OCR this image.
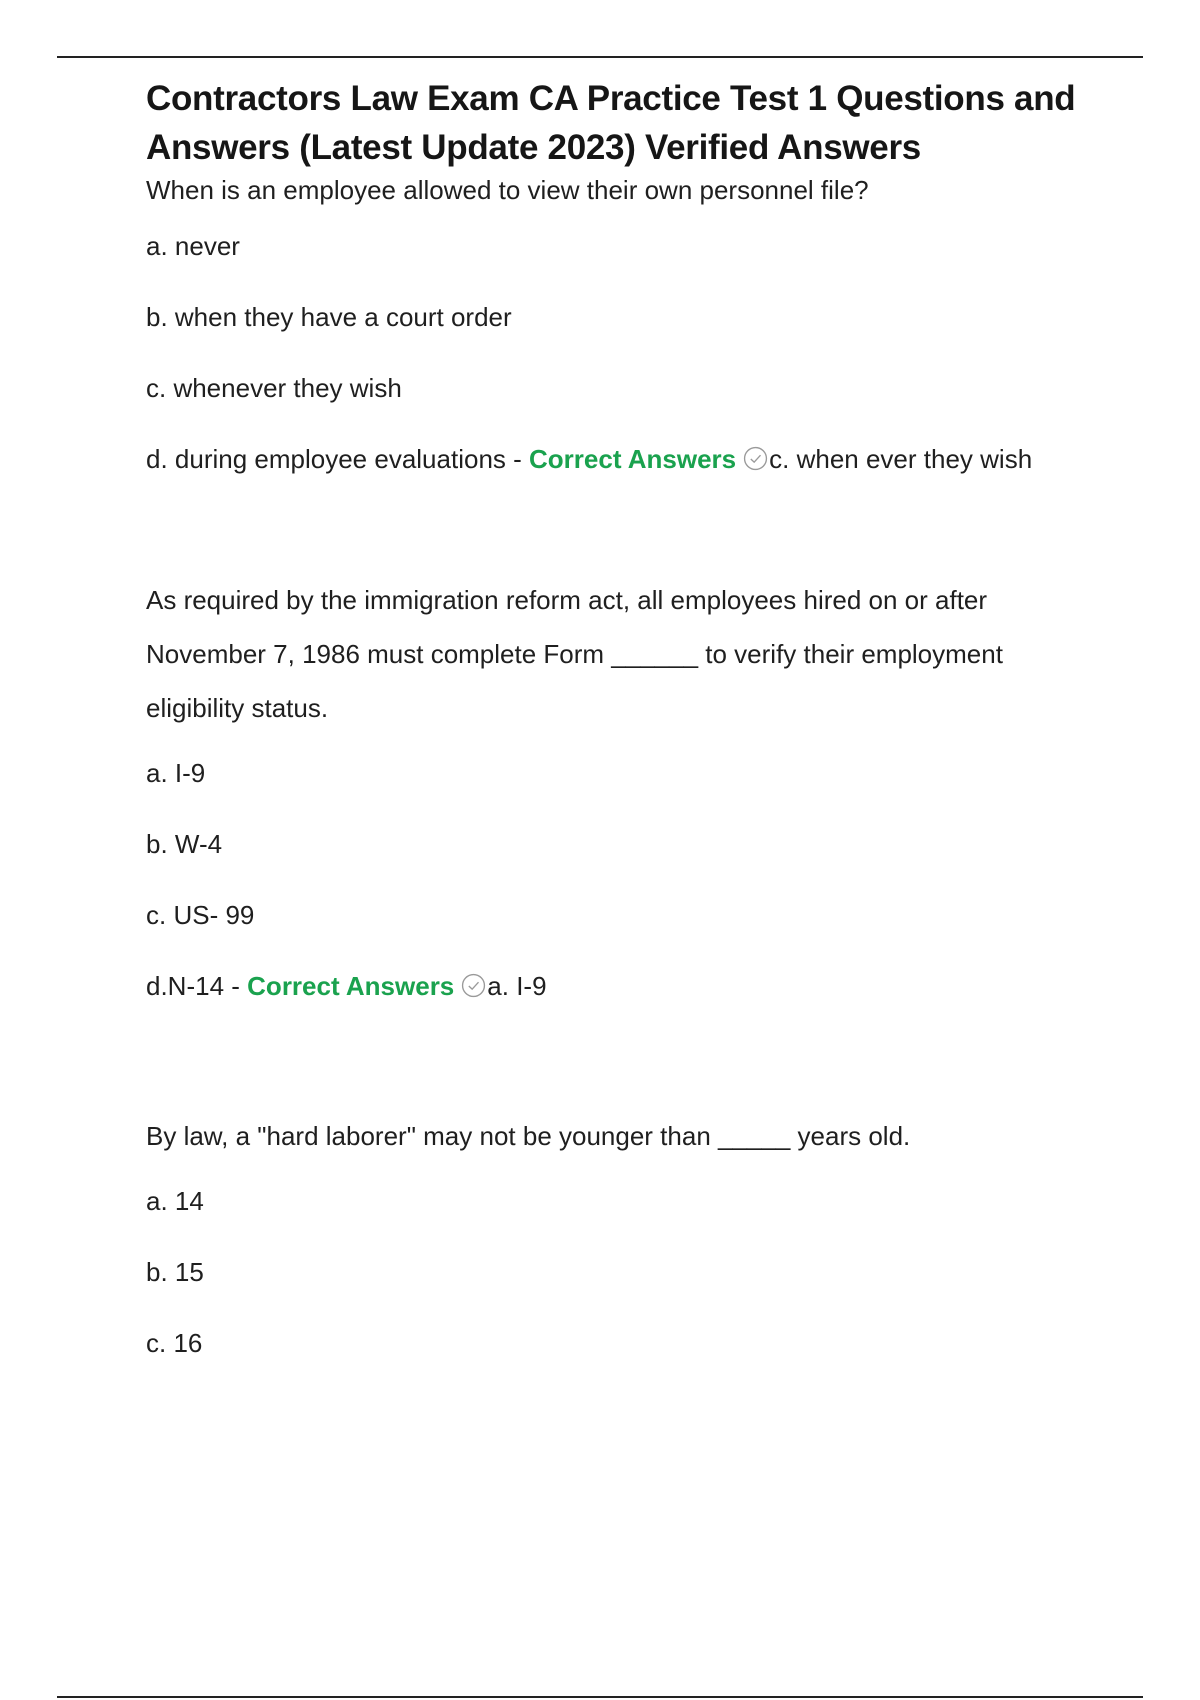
Contractors Law Exam CA Practice Test 1 Questions and Answers (Latest Update 2023) Verified Answers

When is an employee allowed to view their own personnel file?

a. never

b. when they have a court order

c. whenever they wish

d. during employee evaluations - Correct Answers c. when ever they wish

As required by the immigration reform act, all employees hired on or after November 7, 1986 must complete Form ______ to verify their employment eligibility status.

a. I-9

b. W-4

c. US- 99

d.N-14 - Correct Answers a. I-9

By law, a "hard laborer" may not be younger than _____ years old.

a. 14

b. 15

c. 16
